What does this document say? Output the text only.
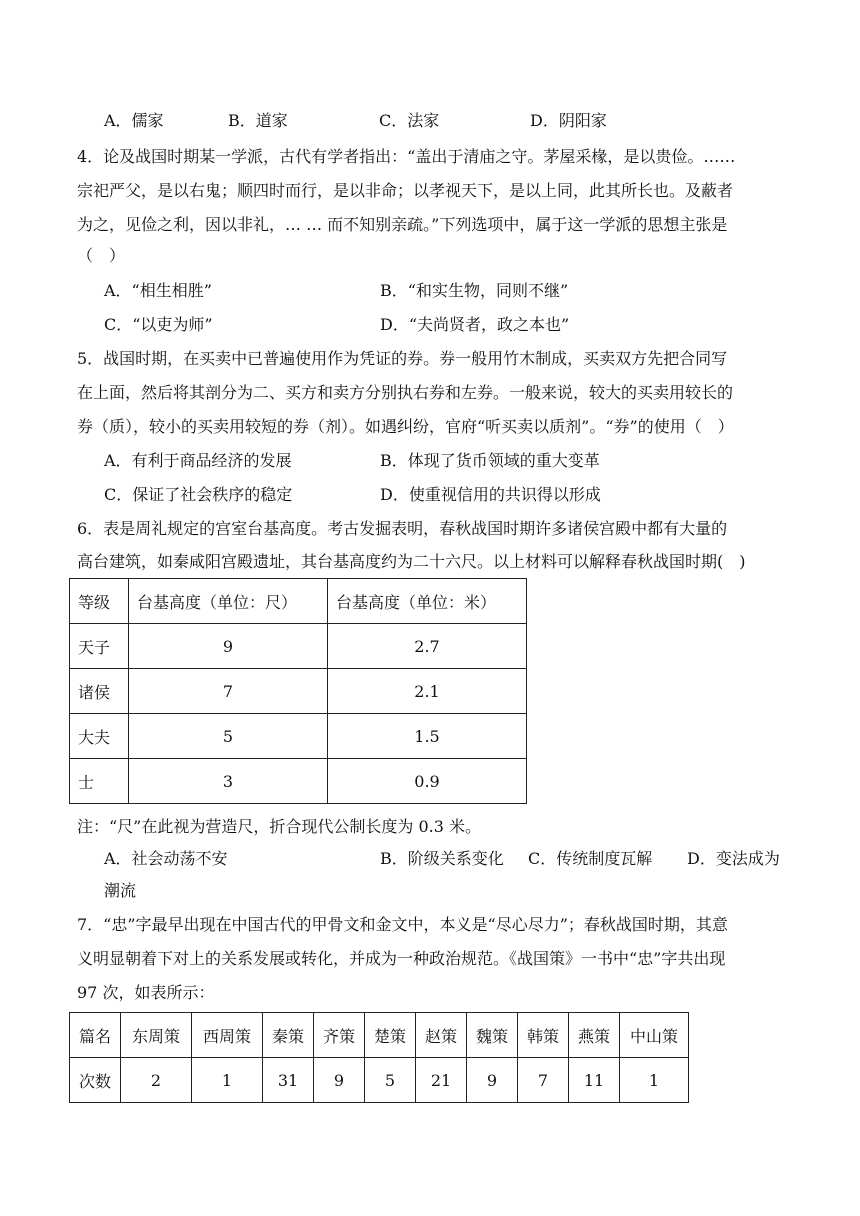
A．儒家	B．道家	C．法家	D．阴阳家
4．论及战国时期某一学派，古代有学者指出：“盖出于清庙之守。茅屋采椽，是以贵俭。……
宗祀严父，是以右鬼；顺四时而行，是以非命；以孝视天下，是以上同，此其所长也。及蔽者
为之，见俭之利，因以非礼，… … 而不知别亲疏。”下列选项中，属于这一学派的思想主张是
（　）
A．“相生相胜”	B．“和实生物，同则不继”
C．“以吏为师”	D．“夫尚贤者，政之本也”
5．战国时期，在买卖中已普遍使用作为凭证的券。券一般用竹木制成，买卖双方先把合同写
在上面，然后将其剖分为二、买方和卖方分别执右券和左券。一般来说，较大的买卖用较长的
券（质），较小的买卖用较短的券（剂）。如遇纠纷，官府“听买卖以质剂”。“券”的使用（　）
A．有利于商品经济的发展	B．体现了货币领域的重大变革
C．保证了社会秩序的稳定	D．使重视信用的共识得以形成
6．表是周礼规定的宫室台基高度。考古发掘表明，春秋战国时期许多诸侯宫殿中都有大量的
高台建筑，如秦咸阳宫殿遗址，其台基高度约为二十六尺。以上材料可以解释春秋战国时期(　)
等级	台基高度（单位：尺）	台基高度（单位：米）
天子	9	2.7
诸侯	7	2.1
大夫	5	1.5
士	3	0.9
注：“尺”在此视为营造尺，折合现代公制长度为 0.3 米。
A．社会动荡不安	B．阶级关系变化 C．传统制度瓦解 D．变法成为
潮流
7．“忠”字最早出现在中国古代的甲骨文和金文中，本义是“尽心尽力”；春秋战国时期，其意
义明显朝着下对上的关系发展或转化，并成为一种政治规范。《战国策》一书中“忠”字共出现
97 次，如表所示：
篇名	东周策	西周策	秦策	齐策	楚策	赵策	魏策	韩策	燕策	中山策
次数	2	1	31	9	5	21	9	7	11	1
